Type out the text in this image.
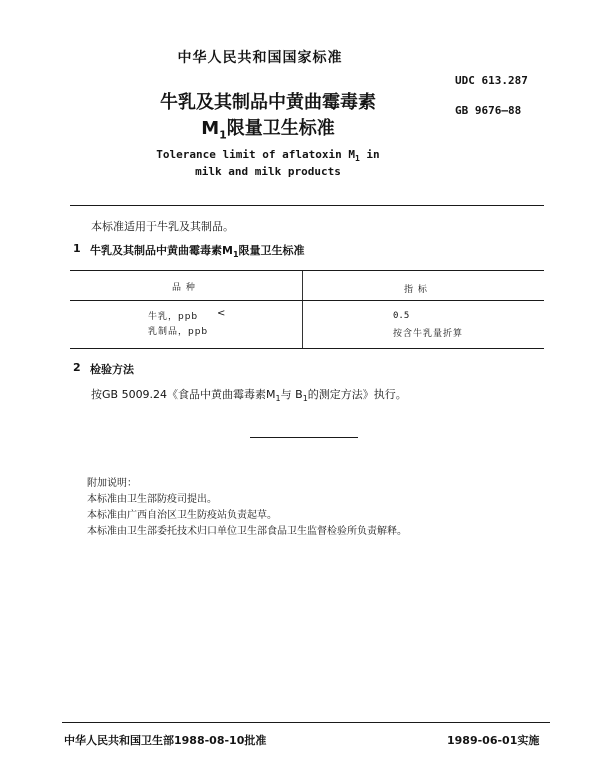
中华人民共和国国家标准
UDC 613.287
GB 9676—88
牛乳及其制品中黄曲霉毒素
$M_1$限量卫生标准
Tolerance limit of aflatoxin $M_1$ in
milk and milk products
本标准适用于牛乳及其制品。
1 牛乳及其制品中黄曲霉毒素$M_1$限量卫生标准
品 种	指 标
牛乳，ppb <	0.5
乳制品，ppb	按含牛乳量折算
2 检验方法
按GB 5009.24《食品中黄曲霉毒素$M_1$与 $B_1$的测定方法》执行。
附加说明：
本标准由卫生部防疫司提出。
本标准由广西自治区卫生防疫站负责起草。
本标准由卫生部委托技术归口单位卫生部食品卫生监督检验所负责解释。
中华人民共和国卫生部1988-08-10批准	1989-06-01实施
